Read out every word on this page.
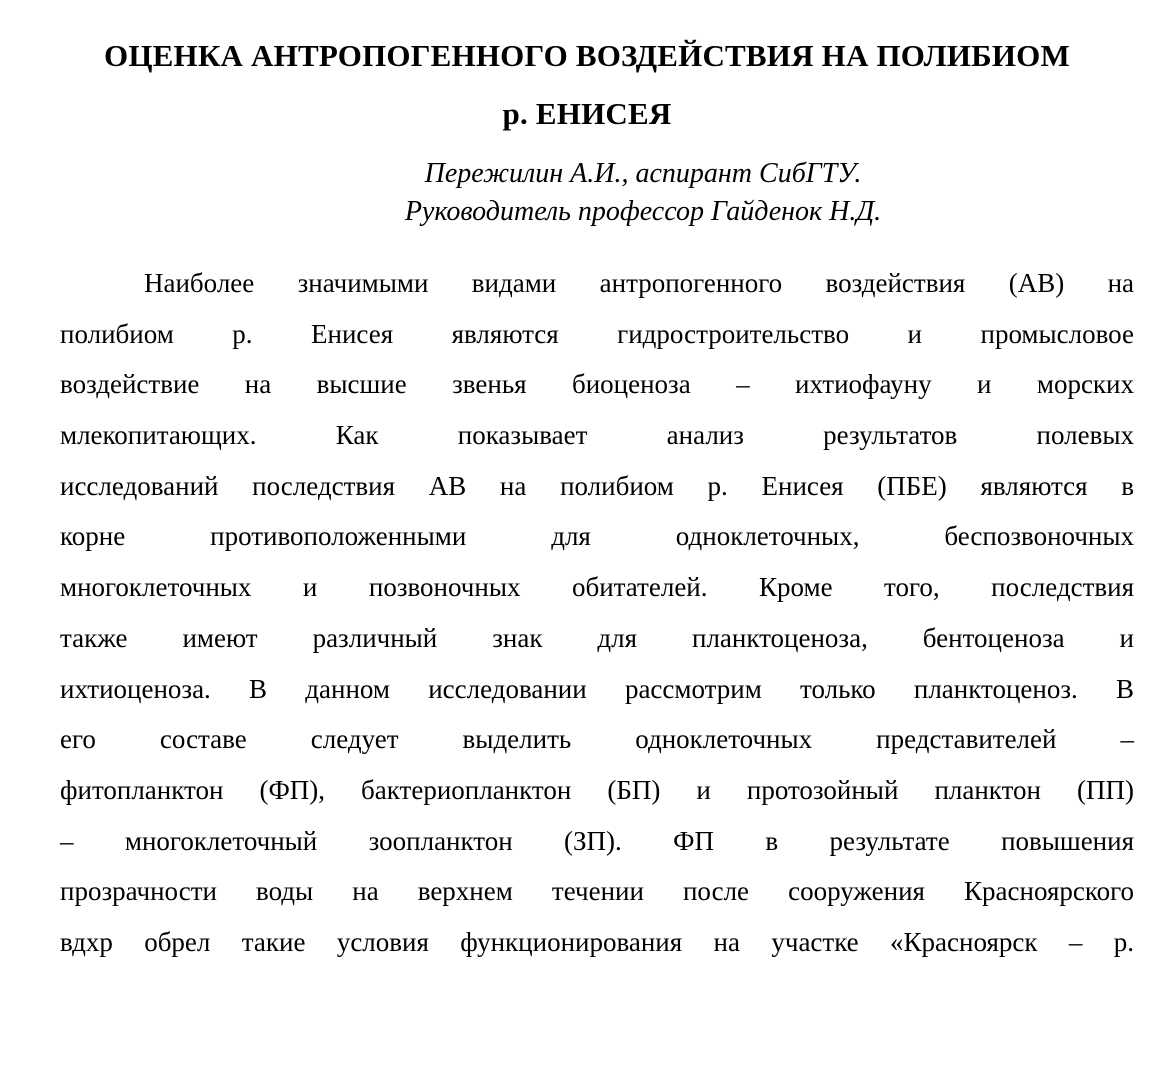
ОЦЕНКА АНТРОПОГЕННОГО ВОЗДЕЙСТВИЯ НА ПОЛИБИОМ
р. ЕНИСЕЯ

Пережилин А.И., аспирант СибГТУ.

Руководитель профессор Гайденок Н.Д.

Наиболее значимыми видами антропогенного воздействия (АВ) на
полибиом р. Енисея являются гидростроительство и промысловое
воздействие на высшие звенья биоценоза – ихтиофауну и морских
млекопитающих. Как показывает анализ результатов полевых
исследований последствия АВ на полибиом р. Енисея (ПБЕ) являются в
корне противоположенными для одноклеточных, беспозвоночных
многоклеточных и позвоночных обитателей. Кроме того, последствия
также имеют различный знак для планктоценоза, бентоценоза и
ихтиоценоза. В данном исследовании рассмотрим только планктоценоз. В
его составе следует выделить одноклеточных представителей –
фитопланктон (ФП), бактериопланктон (БП) и протозойный планктон (ПП)
– многоклеточный зоопланктон (ЗП). ФП в результате повышения
прозрачности воды на верхнем течении после сооружения Красноярского
вдхр обрел такие условия функционирования на участке «Красноярск – р.
